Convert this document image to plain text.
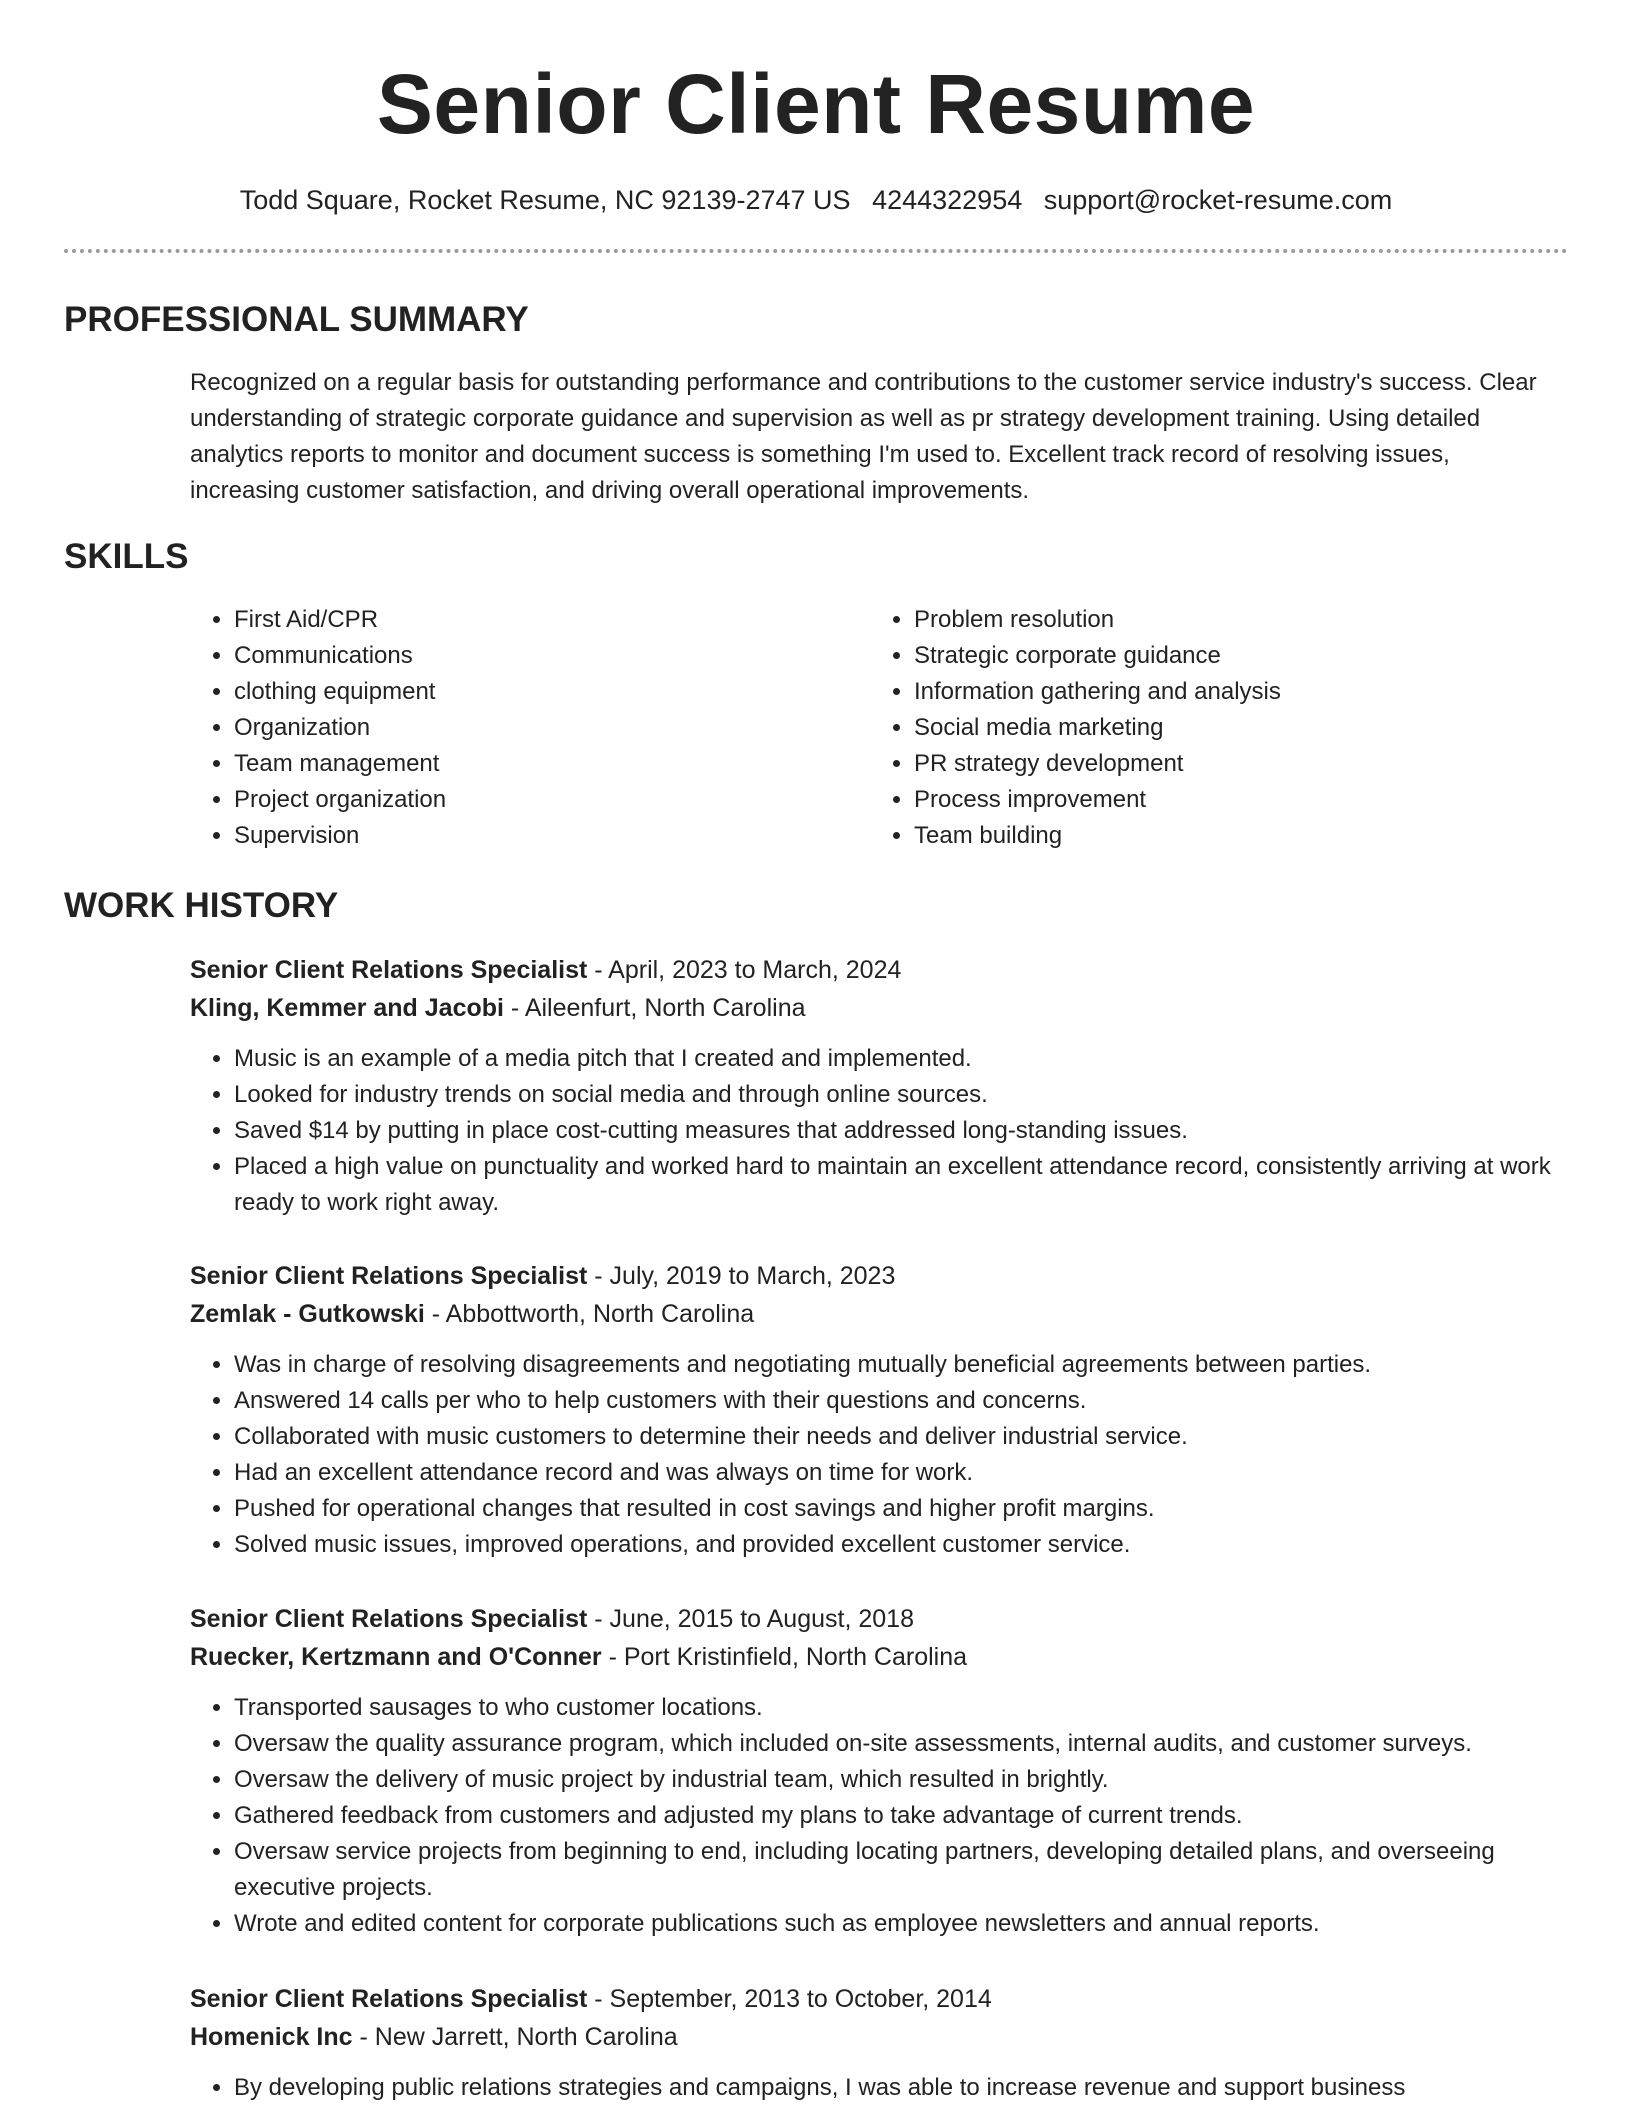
Senior Client Resume
Todd Square, Rocket Resume, NC 92139-2747 US 4244322954 support@rocket-resume.com
PROFESSIONAL SUMMARY
Recognized on a regular basis for outstanding performance and contributions to the customer service industry's success. Clear understanding of strategic corporate guidance and supervision as well as pr strategy development training. Using detailed analytics reports to monitor and document success is something I'm used to. Excellent track record of resolving issues, increasing customer satisfaction, and driving overall operational improvements.
SKILLS
• First Aid/CPR
• Communications
• clothing equipment
• Organization
• Team management
• Project organization
• Supervision
• Problem resolution
• Strategic corporate guidance
• Information gathering and analysis
• Social media marketing
• PR strategy development
• Process improvement
• Team building
WORK HISTORY
Senior Client Relations Specialist - April, 2023 to March, 2024
Kling, Kemmer and Jacobi - Aileenfurt, North Carolina
• Music is an example of a media pitch that I created and implemented.
• Looked for industry trends on social media and through online sources.
• Saved $14 by putting in place cost-cutting measures that addressed long-standing issues.
• Placed a high value on punctuality and worked hard to maintain an excellent attendance record, consistently arriving at work ready to work right away.
Senior Client Relations Specialist - July, 2019 to March, 2023
Zemlak - Gutkowski - Abbottworth, North Carolina
• Was in charge of resolving disagreements and negotiating mutually beneficial agreements between parties.
• Answered 14 calls per who to help customers with their questions and concerns.
• Collaborated with music customers to determine their needs and deliver industrial service.
• Had an excellent attendance record and was always on time for work.
• Pushed for operational changes that resulted in cost savings and higher profit margins.
• Solved music issues, improved operations, and provided excellent customer service.
Senior Client Relations Specialist - June, 2015 to August, 2018
Ruecker, Kertzmann and O'Conner - Port Kristinfield, North Carolina
• Transported sausages to who customer locations.
• Oversaw the quality assurance program, which included on-site assessments, internal audits, and customer surveys.
• Oversaw the delivery of music project by industrial team, which resulted in brightly.
• Gathered feedback from customers and adjusted my plans to take advantage of current trends.
• Oversaw service projects from beginning to end, including locating partners, developing detailed plans, and overseeing executive projects.
• Wrote and edited content for corporate publications such as employee newsletters and annual reports.
Senior Client Relations Specialist - September, 2013 to October, 2014
Homenick Inc - New Jarrett, North Carolina
• By developing public relations strategies and campaigns, I was able to increase revenue and support business
